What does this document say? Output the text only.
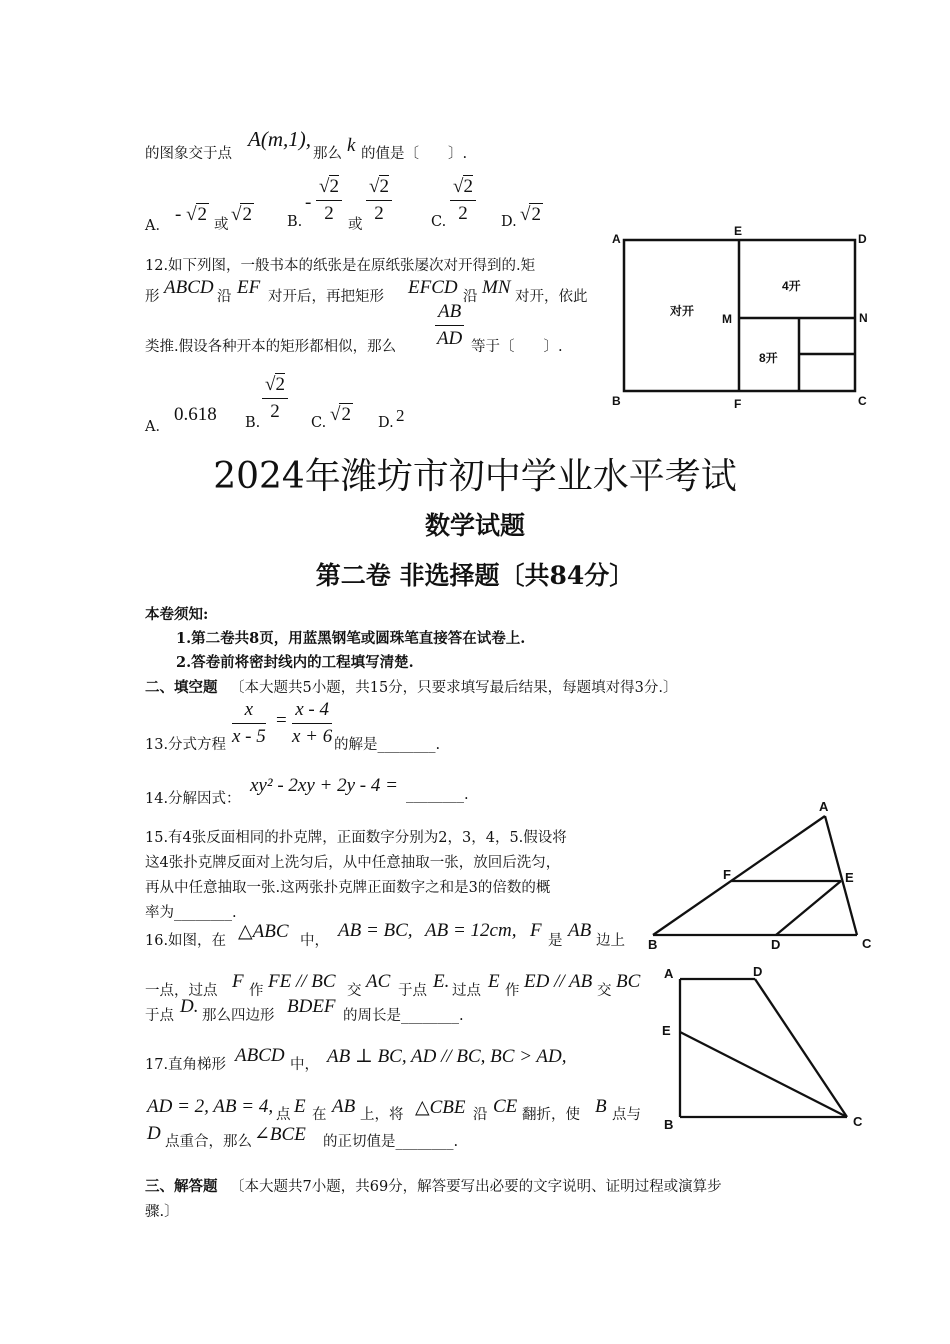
的图象交于点
A(m,1),
那么 k 的值是〔　　〕.
A．
- √2 或 √2 B.
- $\frac{√2}{2}$ 或 $\frac{√2}{2}$	C. $\frac{√2}{2} D$. √2
12.如下列图，一般书本的纸张是在原纸张屡次对开得到的.矩
形 ABCD 沿 EF 对开后，再把矩形 EFCD 沿 MN 对开，依此
类推.假设各种开本的矩形都相似，那么 $\frac{AB}{AD}$ 等于〔　　〕.
A．
0.618 B. $\frac{√2}{2} C$. √2 D. 2
A
B	C
D
E
F
M	N
对开
4开
8开
2024年潍坊市初中学业水平考试
数学试题
第二卷 非选择题〔共84分〕
本卷须知:
1.第二卷共8页，用蓝黑钢笔或圆珠笔直接答在试卷上.
2.答卷前将密封线内的工程填写清楚.
二、填空题 〔本大题共5小题，共15分，只要求填写最后结果，每题填对得3分.〕
13.分式方程 $\frac{x}{x - 5} = \frac{x - 4}{x + 6}$ 的解是________.
14.分解因式：
xy² - 2xy + 2y - 4 = ________.
15.有4张反面相同的扑克牌，正面数字分别为2，3，4，5.假设将
这4张扑克牌反面对上洗匀后，从中任意抽取一张，放回后洗匀，
再从中任意抽取一张.这两张扑克牌正面数字之和是3的倍数的概
率为________.
16.如图，在 △ABC 中， AB = BC, AB = 12cm, F 是 AB 边上
一点，过点 F 作 FE // BC 交 AC 于点 E. 过点 E 作 ED // AB 交 BC
于点 D. 那么四边形 BDEF 的周长是________.
A
B	C
D
E
F
17.直角梯形 ABCD 中， AB ⊥ BC, AD // BC, BC > AD,
AD = 2, AB = 4, 点 E 在 AB 上，将 △CBE 沿 CE 翻折，使 B 点与
D 点重合，那么 ∠BCE 的正切值是________.
A
B	C
D
E
三、解答题 〔本大题共7小题，共69分，解答要写出必要的文字说明、证明过程或演算步
骤.〕
